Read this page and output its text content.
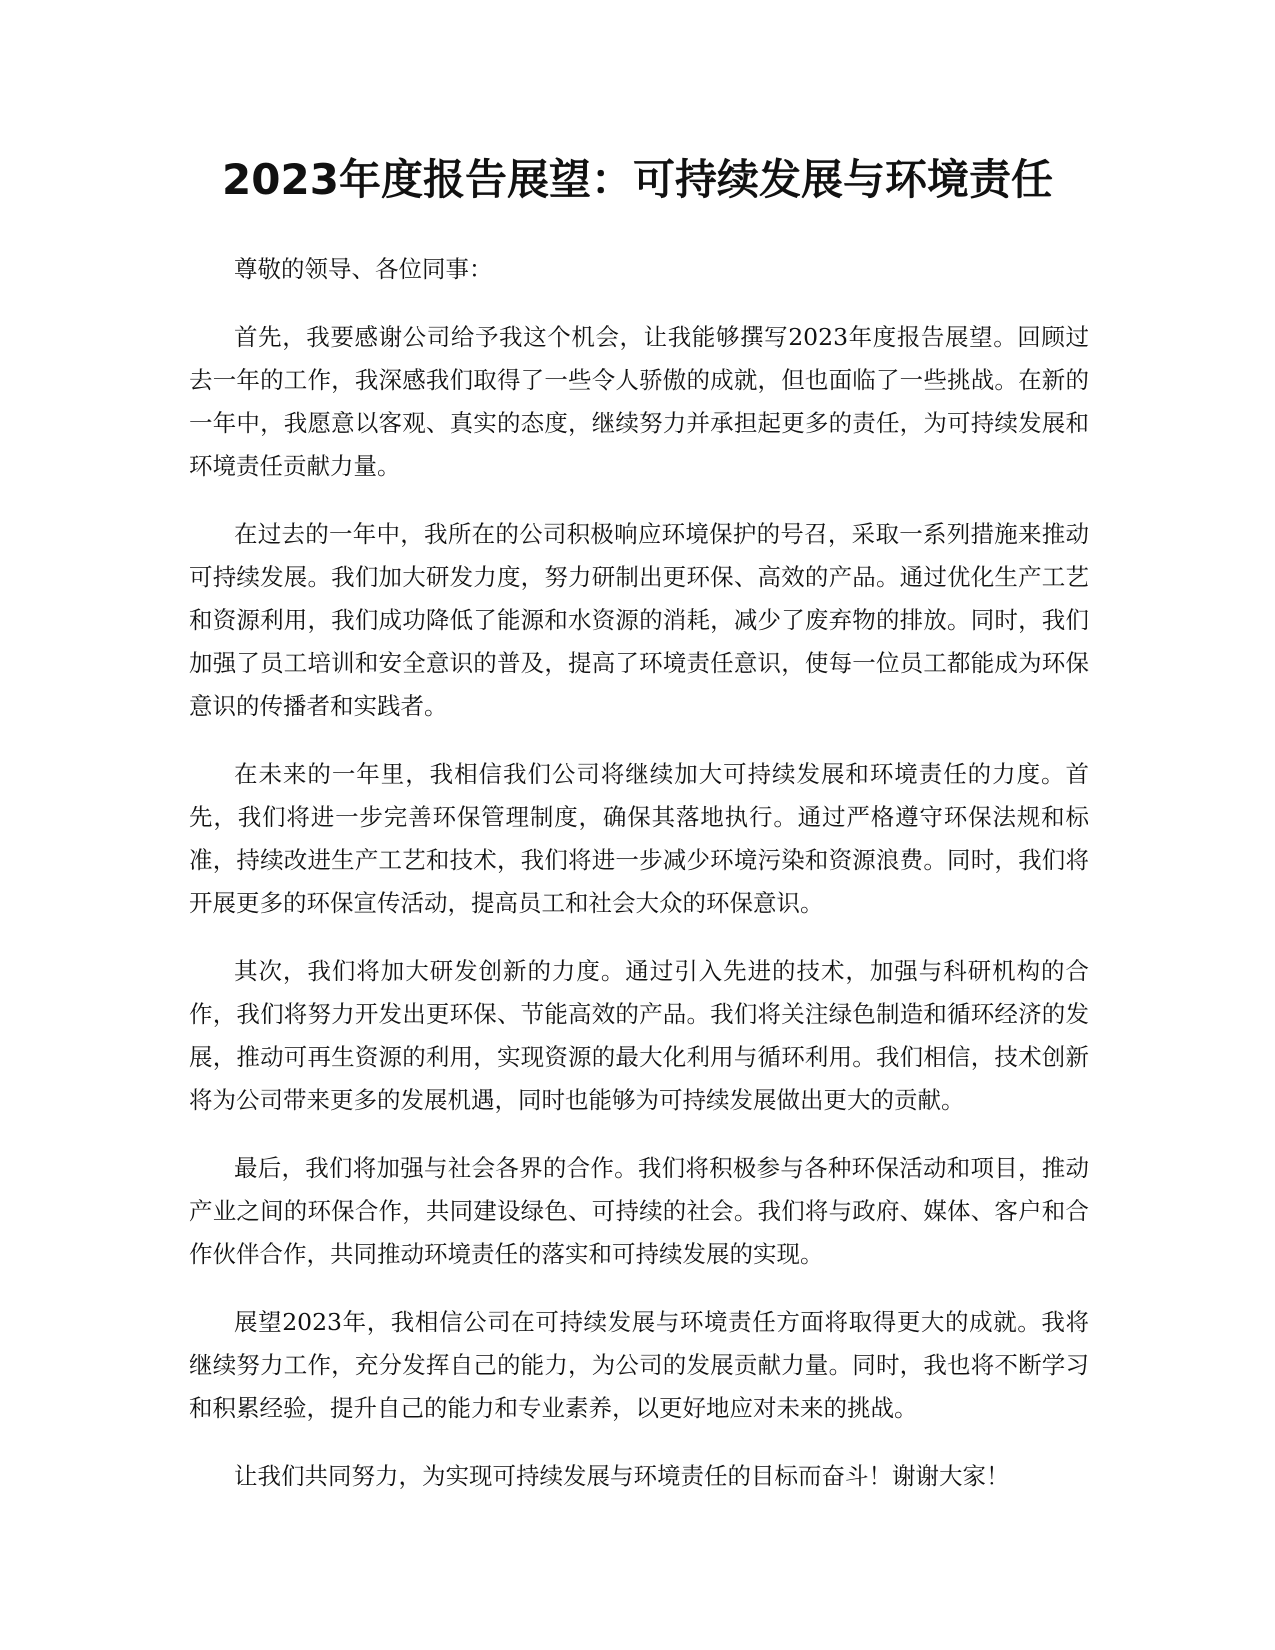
2023年度报告展望：可持续发展与环境责任

尊敬的领导、各位同事：

首先，我要感谢公司给予我这个机会，让我能够撰写2023年度报告展望。回顾过去一年的工作，我深感我们取得了一些令人骄傲的成就，但也面临了一些挑战。在新的一年中，我愿意以客观、真实的态度，继续努力并承担起更多的责任，为可持续发展和环境责任贡献力量。

在过去的一年中，我所在的公司积极响应环境保护的号召，采取一系列措施来推动可持续发展。我们加大研发力度，努力研制出更环保、高效的产品。通过优化生产工艺和资源利用，我们成功降低了能源和水资源的消耗，减少了废弃物的排放。同时，我们加强了员工培训和安全意识的普及，提高了环境责任意识，使每一位员工都能成为环保意识的传播者和实践者。

在未来的一年里，我相信我们公司将继续加大可持续发展和环境责任的力度。首先，我们将进一步完善环保管理制度，确保其落地执行。通过严格遵守环保法规和标准，持续改进生产工艺和技术，我们将进一步减少环境污染和资源浪费。同时，我们将开展更多的环保宣传活动，提高员工和社会大众的环保意识。

其次，我们将加大研发创新的力度。通过引入先进的技术，加强与科研机构的合作，我们将努力开发出更环保、节能高效的产品。我们将关注绿色制造和循环经济的发展，推动可再生资源的利用，实现资源的最大化利用与循环利用。我们相信，技术创新将为公司带来更多的发展机遇，同时也能够为可持续发展做出更大的贡献。

最后，我们将加强与社会各界的合作。我们将积极参与各种环保活动和项目，推动产业之间的环保合作，共同建设绿色、可持续的社会。我们将与政府、媒体、客户和合作伙伴合作，共同推动环境责任的落实和可持续发展的实现。

展望2023年，我相信公司在可持续发展与环境责任方面将取得更大的成就。我将继续努力工作，充分发挥自己的能力，为公司的发展贡献力量。同时，我也将不断学习和积累经验，提升自己的能力和专业素养，以更好地应对未来的挑战。

让我们共同努力，为实现可持续发展与环境责任的目标而奋斗！谢谢大家！
